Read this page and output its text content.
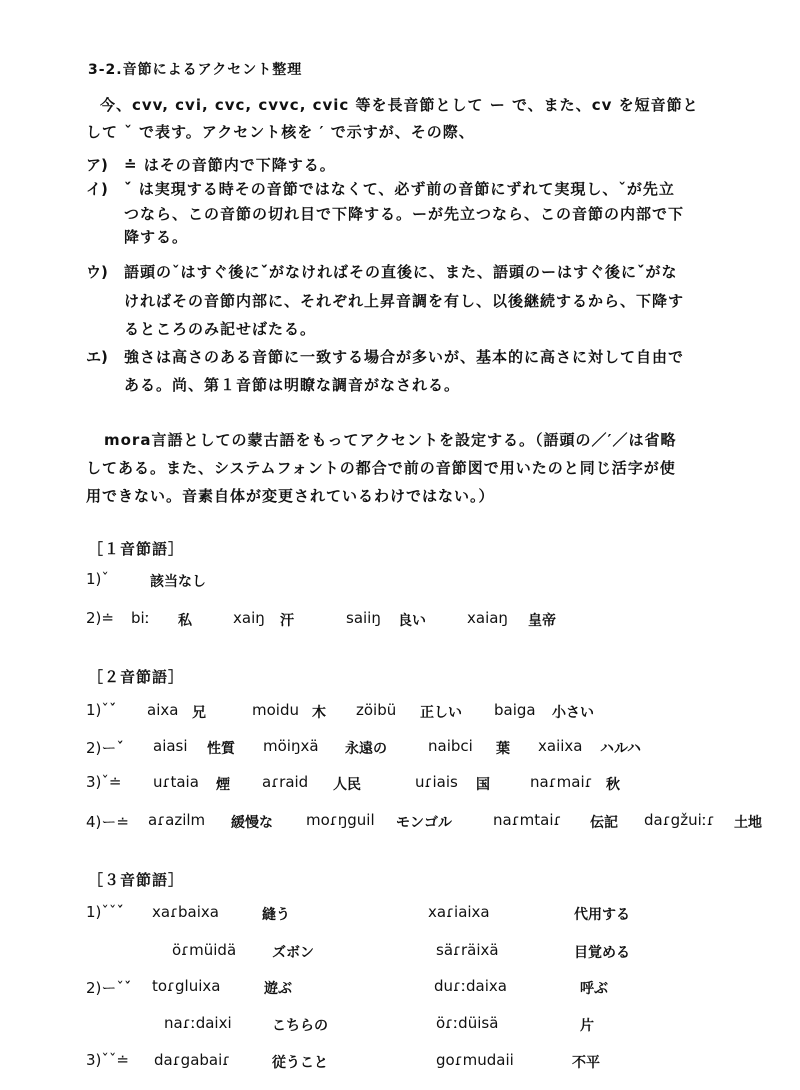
3-2.音節によるアクセント整理
今、cvv, cvi, cvc, cvvc, cvic 等を長音節として ー で、また、cv を短音節と
して ˇ で表す。アクセント核を ′ で示すが、その際、
ア) ≐ はその音節内で下降する。
イ) ˇ́ は実現する時その音節ではなくて、必ず前の音節にずれて実現し、ˇが先立
つなら、この音節の切れ目で下降する。ーが先立つなら、この音節の内部で下
降する。
ウ) 語頭のˇはすぐ後にˇ́がなければその直後に、また、語頭のーはすぐ後にˇ́がな
ければその音節内部に、それぞれ上昇音調を有し、以後継続するから、下降す
るところのみ記せばたる。
エ) 強さは高さのある音節に一致する場合が多いが、基本的に高さに対して自由で
ある。尚、第１音節は明瞭な調音がなされる。
mora言語としての蒙古語をもってアクセントを設定する。（語頭の／′／は省略
してある。また、システムフォントの都合で前の音節図で用いたのと同じ活字が使
用できない。音素自体が変更されているわけではない。）
［１音節語］
1)ˇ	該当なし
2)≐ biː 私	xaiŋ 汗	saiiŋ 良い	xaiaŋ 皇帝
［２音節語］
1)ˇˇ́ aixa 兄	moidu 木 zöibü 正しい baiga 小さい
2)ーˇ́ aiasi 性質 möiŋxä 永遠の	naibci 葉 xaiixa ハルハ
3)ˇ≐ uɾtaia 煙 aɾraid 人民	uɾiais 国	naɾmaiɾ 秋
4)ー≐ aɾazilm 緩慢な moɾŋguil モンゴル	naɾmtaiɾ 伝記 daɾgžuiːɾ 土地
［３音節語］
1)ˇˇˇ́ xaɾbaixa	縫う	xaɾiaixa	代用する
öɾmüidä	ズボン	säɾräixä	目覚める
2)ーˇˇ́ toɾgluixa	遊ぶ	duɾːdaixa	呼ぶ
naɾːdaixi	こちらの	öɾːdüisä	片
3)ˇˇ≐ daɾgabaiɾ	従うこと	goɾmudaii	不平
